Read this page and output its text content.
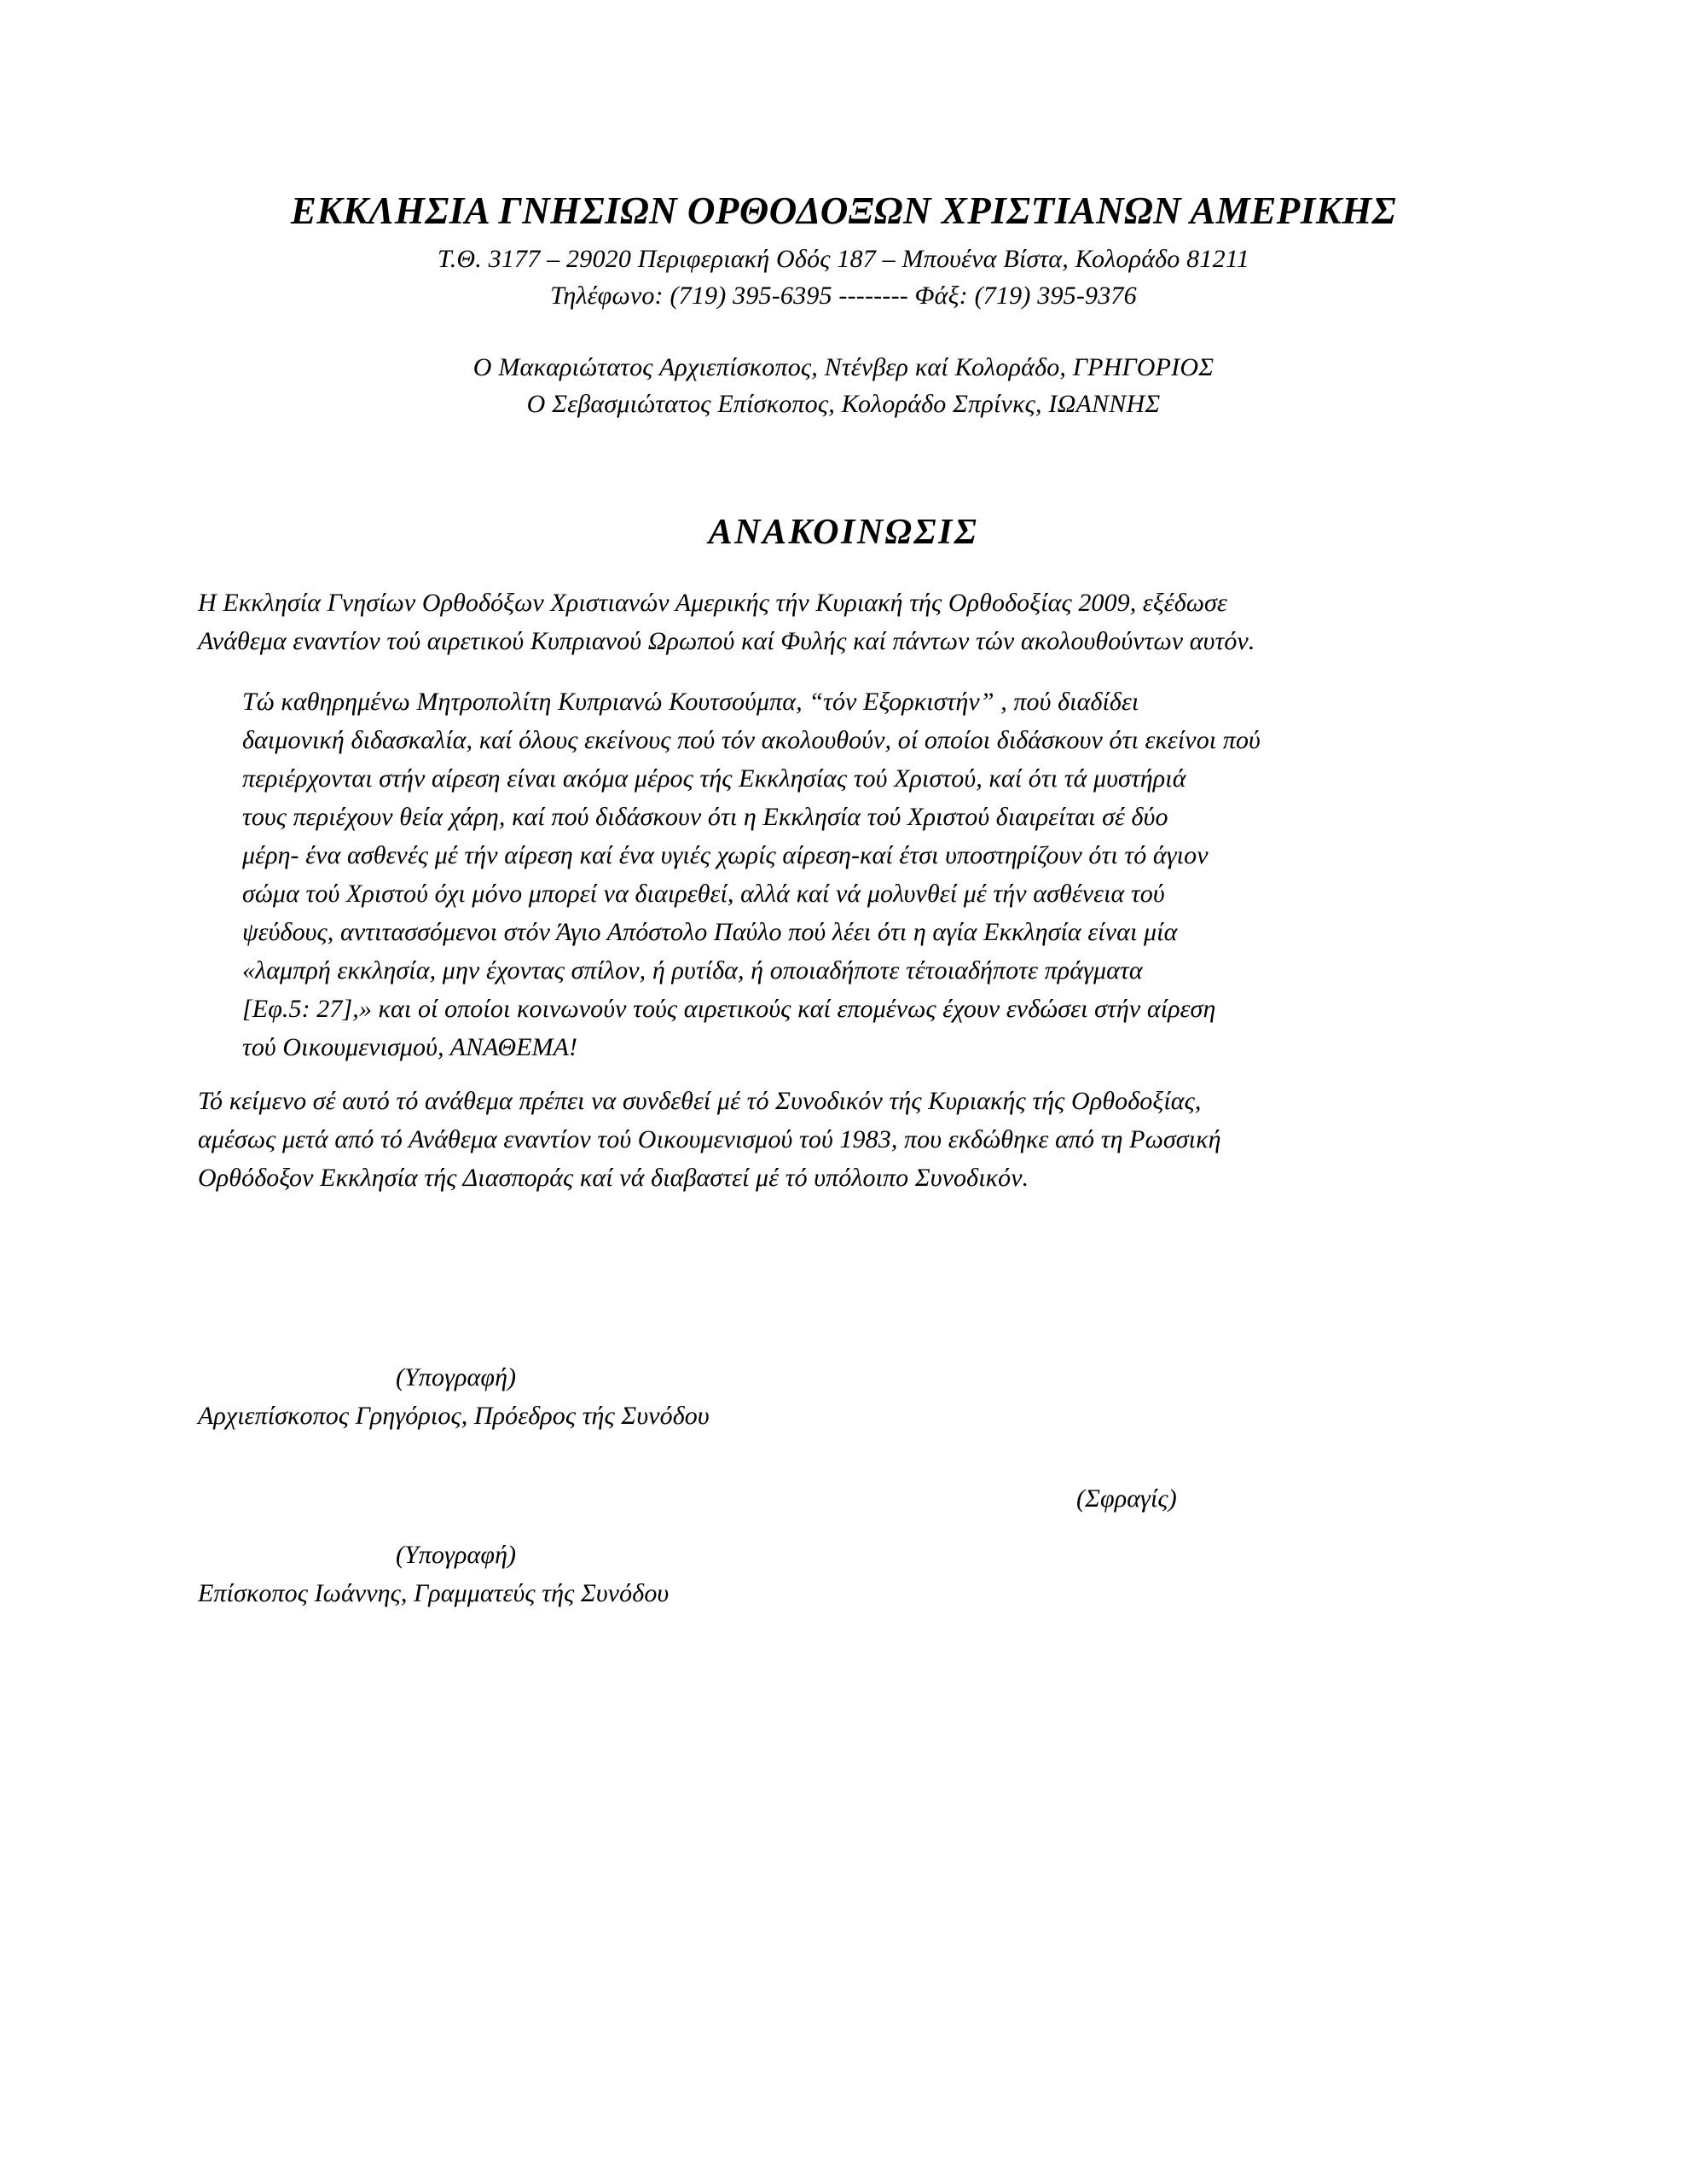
ΕΚΚΛΗΣΙΑ ΓΝΗΣΙΩΝ ΟΡΘΟΔΟΞΩΝ ΧΡΙΣΤΙΑΝΩΝ ΑΜΕΡΙΚΗΣ
Τ.Θ. 3177 – 29020 Περιφεριακή Οδός 187 – Μπουένα Βίστα, Κολοράδο 81211
Τηλέφωνο: (719) 395-6395 -------- Φάξ: (719) 395-9376
Ο Μακαριώτατος Αρχιεπίσκοπος, Ντένβερ καί Κολοράδο, ΓΡΗΓΟΡΙΟΣ
Ο Σεβασμιώτατος Επίσκοπος, Κολοράδο Σπρίνκς, ΙΩΑΝΝΗΣ
ΑΝΑΚΟΙΝΩΣΙΣ
Η Εκκλησία Γνησίων Ορθοδόξων Χριστιανών Αμερικής τήν Κυριακή τής Ορθοδοξίας 2009, εξέδωσε
Ανάθεμα εναντίον τού αιρετικού Κυπριανού Ωρωπού καί Φυλής καί πάντων τών ακολουθούντων αυτόν.
Τώ καθηρημένω Μητροπολίτη Κυπριανώ Κουτσούμπα, “τόν Εξορκιστήν” , πού διαδίδει
δαιμονική διδασκαλία, καί όλους εκείνους πού τόν ακολουθούν, οί οποίοι διδάσκουν ότι εκείνοι πού
περιέρχονται στήν αίρεση είναι ακόμα μέρος τής Εκκλησίας τού Χριστού, καί ότι τά μυστήριά
τους περιέχουν θεία χάρη, καί πού διδάσκουν ότι η Εκκλησία τού Χριστού διαιρείται σέ δύο
μέρη- ένα ασθενές μέ τήν αίρεση καί ένα υγιές χωρίς αίρεση-καί έτσι υποστηρίζουν ότι τό άγιον
σώμα τού Χριστού όχι μόνο μπορεί να διαιρεθεί, αλλά καί νά μολυνθεί μέ τήν ασθένεια τού
ψεύδους, αντιτασσόμενοι στόν Άγιο Απόστολο Παύλο πού λέει ότι η αγία Εκκλησία είναι μία
«λαμπρή εκκλησία, μην έχοντας σπίλον, ή ρυτίδα, ή οποιαδήποτε τέτοιαδήποτε πράγματα
[Εφ.5: 27],» και οί οποίοι κοινωνούν τούς αιρετικούς καί επομένως έχουν ενδώσει στήν αίρεση
τού Οικουμενισμού, ΑΝΑΘΕΜΑ!
Τό κείμενο σέ αυτό τό ανάθεμα πρέπει να συνδεθεί μέ τό Συνοδικόν τής Κυριακής τής Ορθοδοξίας,
αμέσως μετά από τό Ανάθεμα εναντίον τού Οικουμενισμού τού 1983, που εκδώθηκε από τη Ρωσσική
Ορθόδοξον Εκκλησία τής Διασποράς καί νά διαβαστεί μέ τό υπόλοιπο Συνοδικόν.
(Υπογραφή)
Αρχιεπίσκοπος Γρηγόριος, Πρόεδρος τής Συνόδου
(Σφραγίς)
(Υπογραφή)
Επίσκοπος Ιωάννης, Γραμματεύς τής Συνόδου
